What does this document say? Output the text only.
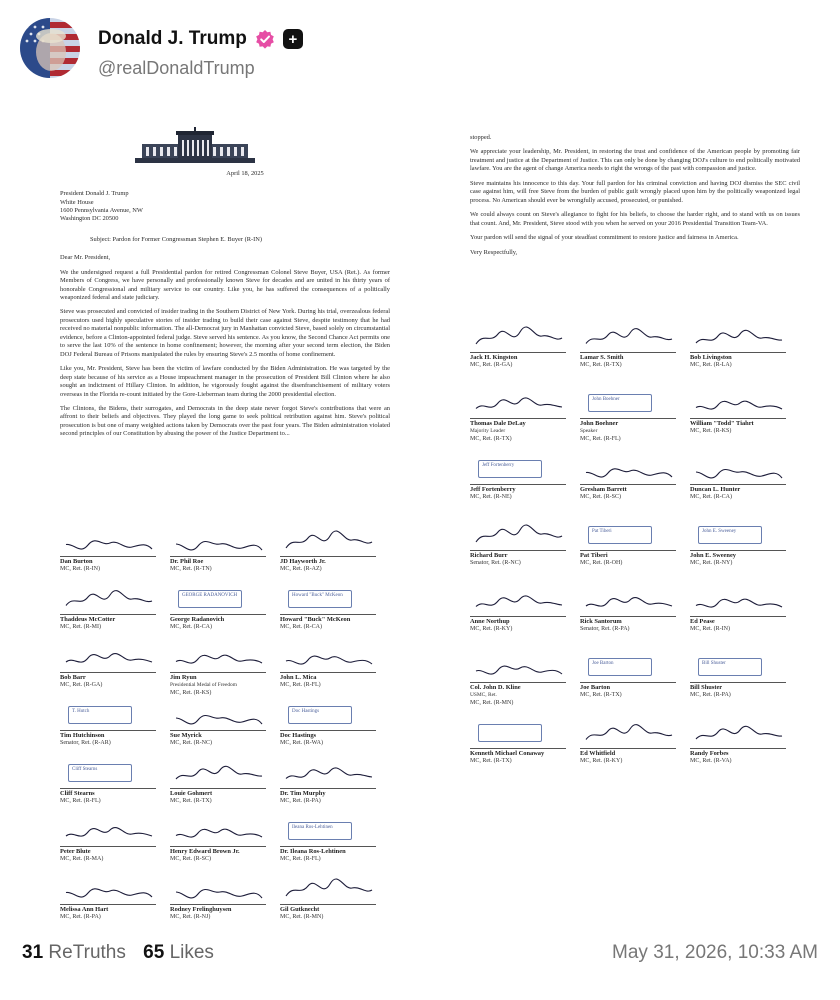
Donald J. Trump	+
@realDonaldTrump
April 18, 2025
President Donald J. Trump
White House
1600 Pennsylvania Avenue, NW
Washington DC 20500
Subject: Pardon for Former Congressman Stephen E. Buyer (R-IN)
Dear Mr. President,
We the undersigned request a full Presidential pardon for retired Congressman Colonel Steve Buyer, USA (Ret.). As former Members of Congress, we have personally and professionally known Steve for decades and are united in his thirty years of honorable Congressional and military service to our country. Like you, he has suffered the consequences of a politically weaponized federal and state judiciary.
Steve was prosecuted and convicted of insider trading in the Southern District of New York. During his trial, overzealous federal prosecutors used highly speculative stories of insider trading to build their case against Steve, despite testimony that he had received no material nonpublic information. The all-Democrat jury in Manhattan convicted Steve, based solely on circumstantial evidence, before a Clinton-appointed federal judge. Steve served his sentence. As you know, the Second Chance Act permits one to serve the last 10% of the sentence in home confinement; however, the morning after your second term election, the Biden DOJ Federal Bureau of Prisons manipulated the rules by ensuring Steve's 2.5 months of home confinement.
Like you, Mr. President, Steve has been the victim of lawfare conducted by the Biden Administration. He was targeted by the deep state because of his service as a House impeachment manager in the prosecution of President Bill Clinton where he also sought an indictment of Hillary Clinton. In addition, he vigorously fought against the disenfranchisement of military voters overseas in the Florida re-count initiated by the Gore-Lieberman team during the 2000 presidential election.
The Clintons, the Bidens, their surrogates, and Democrats in the deep state never forgot Steve's contributions that were an affront to their beliefs and objectives. They played the long game to seek political retribution against him. Steve's political prosecution is but one of many weighted actions taken by Democrats over the past four years. The Biden administration violated second principles of our Constitution by abusing the power of the Justice Department to...
stopped.
We appreciate your leadership, Mr. President, in restoring the trust and confidence of the American people by promoting fair treatment and justice at the Department of Justice. This can only be done by changing DOJ's culture to end politically motivated lawfare. You are the agent of change America needs to right the wrongs of the past with compassion and justice.
Steve maintains his innocence to this day. Your full pardon for his criminal conviction and having DOJ dismiss the SEC civil case against him, will free Steve from the burden of public guilt wrongly placed upon him by the politically weaponized legal process. No American should ever be wrongfully accused, prosecuted, or punished.
We could always count on Steve's allegiance to fight for his beliefs, to choose the harder right, and to stand with us on issues that count. And, Mr. President, Steve stood with you when he served on your 2016 Presidential Transition Team-VA.
Your pardon will send the signal of your steadfast commitment to restore justice and fairness in America.
Very Respectfully,
Dan Burton
MC, Ret. (R-IN)
Dr. Phil Roe
MC, Ret. (R-TN)
JD Hayworth Jr.
MC, Ret. (R-AZ)
Thaddeus McCotter
MC, Ret. (R-MI)
GEORGE RADANOVICH
George Radanovich
MC, Ret. (R-CA)
Howard "Buck" McKeon
Howard "Buck" McKeon
MC, Ret. (R-CA)
Bob Barr
MC, Ret. (R-GA)
Jim Ryun
Presidential Medal of Freedom
MC, Ret. (R-KS)
John L. Mica
MC, Ret. (R-FL)
T. Hutch
Tim Hutchinson
Senator, Ret. (R-AR)
Sue Myrick
MC, Ret. (R-NC)
Doc Hastings
Doc Hastings
MC, Ret. (R-WA)
Cliff Stearns
Cliff Stearns
MC, Ret. (R-FL)
Louie Gohmert
MC, Ret. (R-TX)
Dr. Tim Murphy
MC, Ret. (R-PA)
Peter Blute
MC, Ret. (R-MA)
Henry Edward Brown Jr.
MC, Ret. (R-SC)
Ileana Ros-Lehtinen
Dr. Ileana Ros-Lehtinen
MC, Ret. (R-FL)
Melissa Ann Hart
MC, Ret. (R-PA)
Rodney Frelinghuysen
MC, Ret. (R-NJ)
Gil Gutknecht
MC, Ret. (R-MN)
Jack H. Kingston
MC, Ret. (R-GA)
Lamar S. Smith
MC, Ret. (R-TX)
Bob Livingston
MC, Ret. (R-LA)
Thomas Dale DeLay
Majority Leader
MC, Ret. (R-TX)
John Boehner
John Boehner
Speaker
MC, Ret. (R-FL)
William "Todd" Tiahrt
MC, Ret. (R-KS)
Jeff Fortenberry
Jeff Fortenberry
MC, Ret. (R-NE)
Gresham Barrett
MC, Ret. (R-SC)
Duncan L. Hunter
MC, Ret. (R-CA)
Richard Burr
Senator, Ret. (R-NC)
Pat Tiberi
Pat Tiberi
MC, Ret. (R-OH)
John E. Sweeney
John E. Sweeney
MC, Ret. (R-NY)
Anne Northup
MC, Ret. (R-KY)
Rick Santorum
Senator, Ret. (R-PA)
Ed Pease
MC, Ret. (R-IN)
Col. John D. Kline
USMC, Ret.
MC, Ret. (R-MN)
Joe Barton
Joe Barton
MC, Ret. (R-TX)
Bill Shuster
Bill Shuster
MC, Ret. (R-PA)
Kenneth Michael Conaway
MC, Ret. (R-TX)
Ed Whitfield
MC, Ret. (R-KY)
Randy Forbes
MC, Ret. (R-VA)
31 ReTruths 65 Likes	May 31, 2026, 10:33 AM
